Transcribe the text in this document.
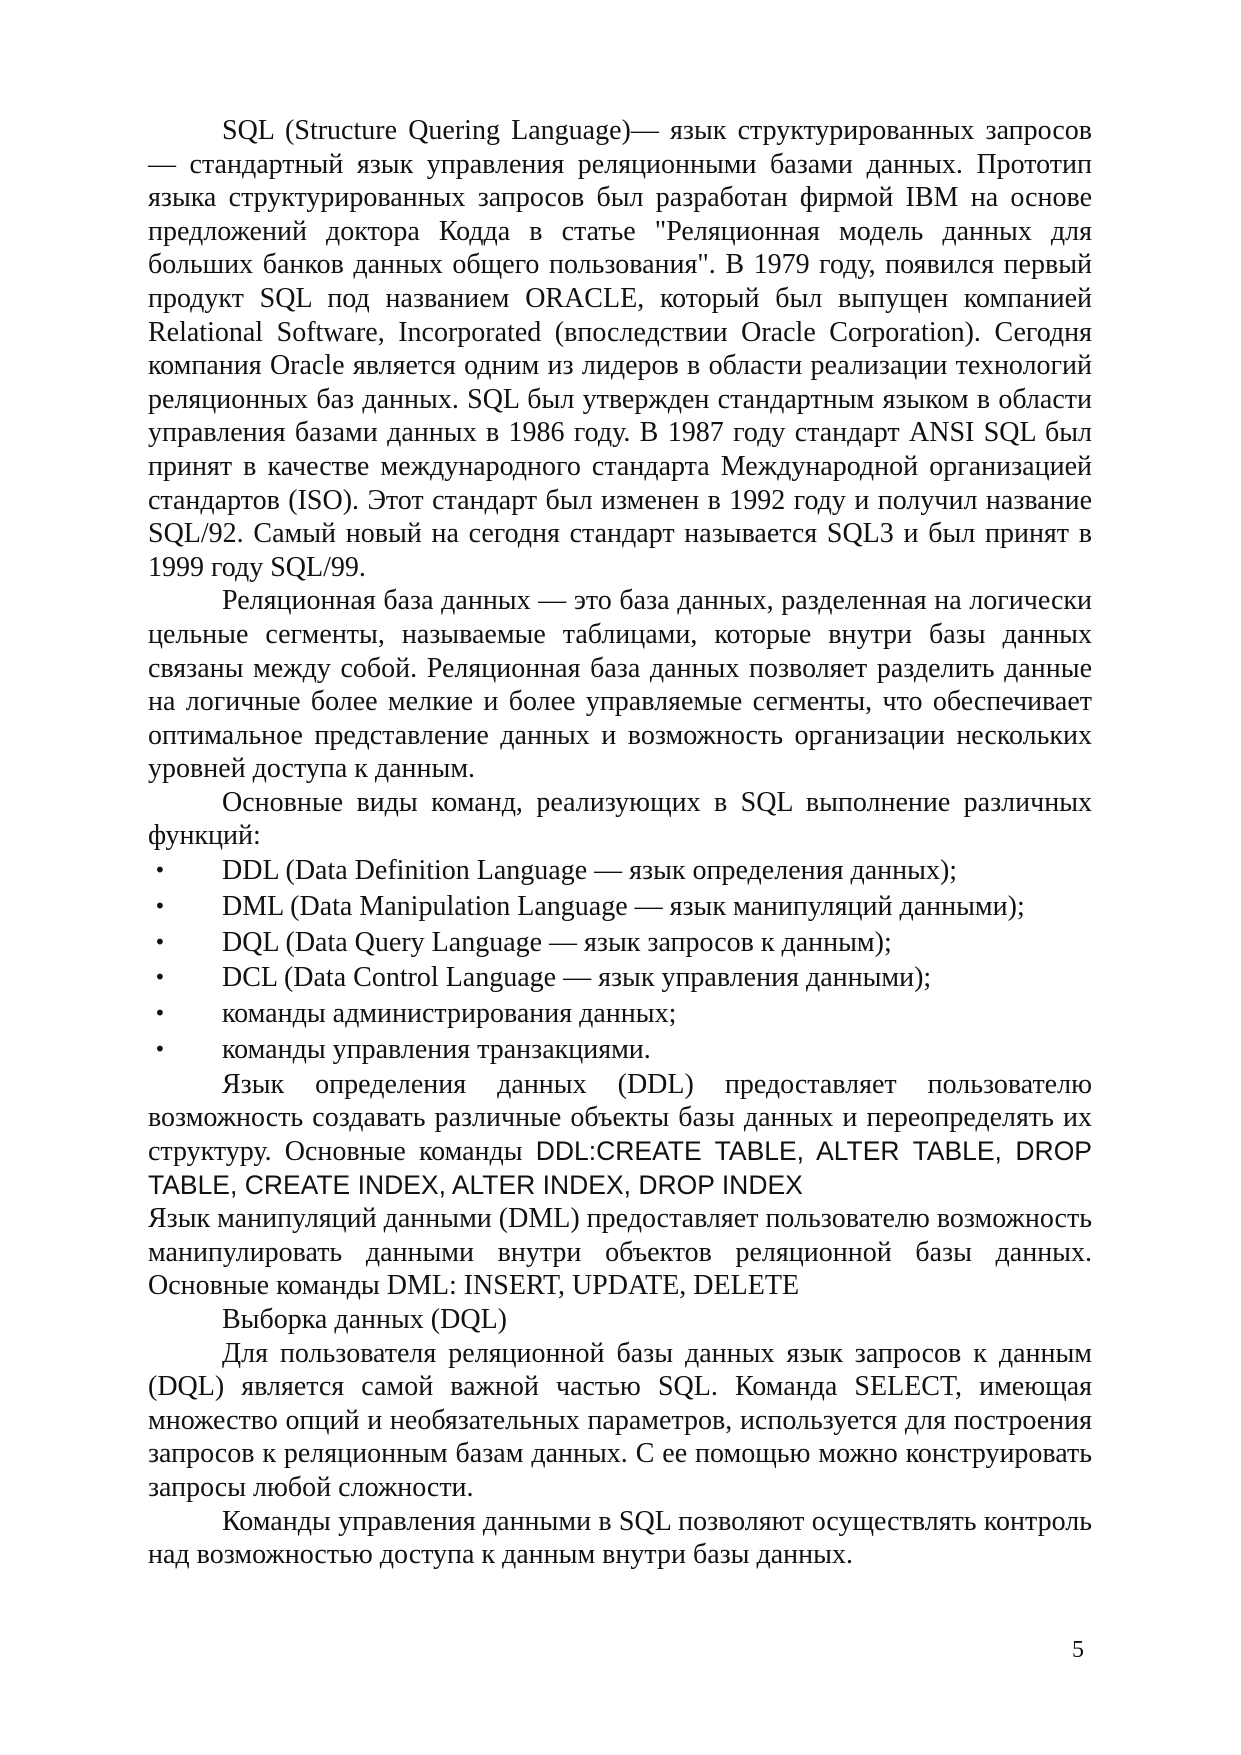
SQL (Structure Quering Language)— язык структурированных запросов — стандартный язык управления реляционными базами данных. Прототип языка структурированных запросов был разработан фирмой IBM на основе предложений доктора Кодда в статье "Реляционная модель данных для больших банков данных общего пользования". В 1979 году, появился первый продукт SQL под названием ORACLE, который был выпущен компанией Relational Software, Incorporated (впоследствии Oracle Corporation). Сегодня компания Oracle является одним из лидеров в области реализации технологий реляционных баз данных. SQL был утвержден стандартным языком в области управления базами данных в 1986 году. В 1987 году стандарт ANSI SQL был принят в качестве международного стандарта Международной организацией стандартов (ISO). Этот стандарт был изменен в 1992 году и получил название SQL/92. Самый новый на сегодня стандарт называется SQL3 и был принят в 1999 году SQL/99.

Реляционная база данных — это база данных, разделенная на логически цельные сегменты, называемые таблицами, которые внутри базы данных связаны между собой. Реляционная база данных позволяет разделить данные на логичные более мелкие и более управляемые сегменты, что обеспечивает оптимальное представление данных и возможность организации нескольких уровней доступа к данным.

Основные виды команд, реализующих в SQL выполнение различных функций:

• DDL (Data Definition Language — язык определения данных);
• DML (Data Manipulation Language — язык манипуляций данными);
• DQL (Data Query Language — язык запросов к данным);
• DCL (Data Control Language — язык управления данными);
• команды администрирования данных;
• команды управления транзакциями.

Язык определения данных (DDL) предоставляет пользователю возможность создавать различные объекты базы данных и переопределять их структуру. Основные команды DDL:CREATE TABLE, ALTER TABLE, DROP TABLE, CREATE INDEX, ALTER INDEX, DROP INDEX

Язык манипуляций данными (DML) предоставляет пользователю возможность манипулировать данными внутри объектов реляционной базы данных. Основные команды DML: INSERT, UPDATE, DELETE

Выборка данных (DQL)

Для пользователя реляционной базы данных язык запросов к данным (DQL) является самой важной частью SQL. Команда SELECT, имеющая множество опций и необязательных параметров, используется для построения запросов к реляционным базам данных. С ее помощью можно конструировать запросы любой сложности.

Команды управления данными в SQL позволяют осуществлять контроль над возможностью доступа к данным внутри базы данных.

5
